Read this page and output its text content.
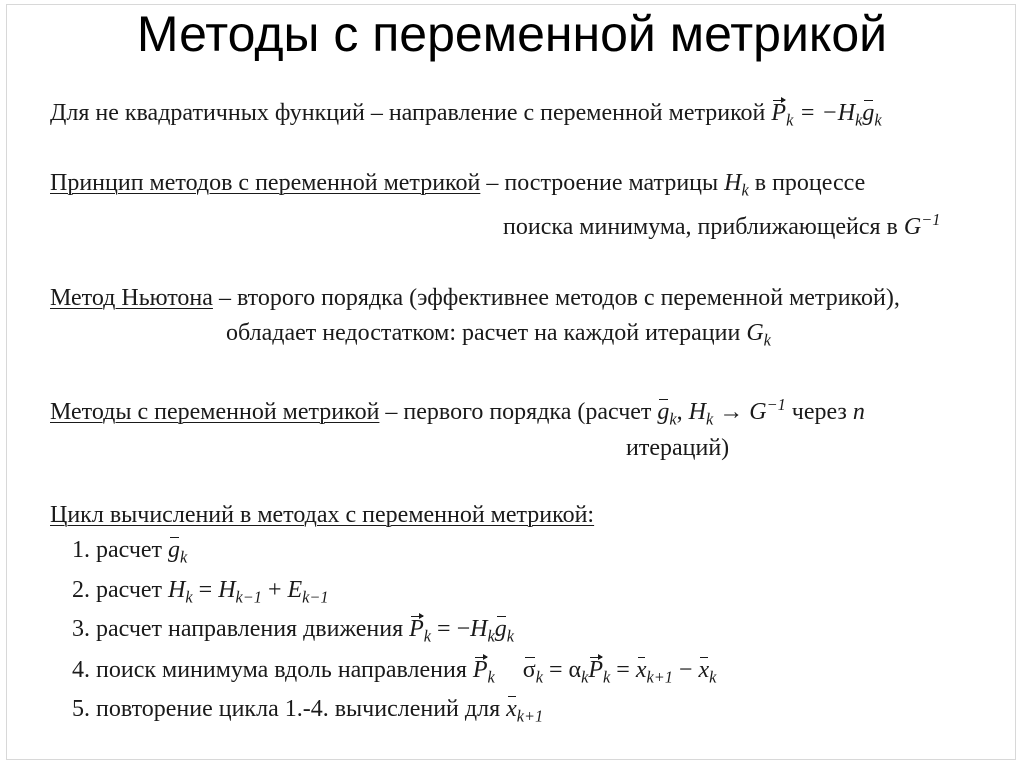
Методы с переменной метрикой
Для не квадратичных функций – направление с переменной метрикой $P_k = -H_kg_k$
Принцип методов с переменной метрикой – построение матрицы $H_k$ в процессе
поиска минимума, приближающейся в $G^{-1}$
Метод Ньютона – второго порядка (эффективнее методов с переменной метрикой),
обладает недостатком: расчет на каждой итерации $G_k$
Методы с переменной метрикой – первого порядка (расчет $g_k$, $H_k \to G^{-1}$ через n
итераций)
Цикл вычислений в методах с переменной метрикой:
1. расчет $g_k$
2. расчет $H_k = H_{k-1} + E_{k-1}$
3. расчет направления движения $P_k = -H_kg_k$
4. поиск минимума вдоль направления $P_k$ $\sigma_k = \alpha_kP_k = x_{k+1} - x_k$
5. повторение цикла 1.-4. вычислений для $x_{k+1}$
